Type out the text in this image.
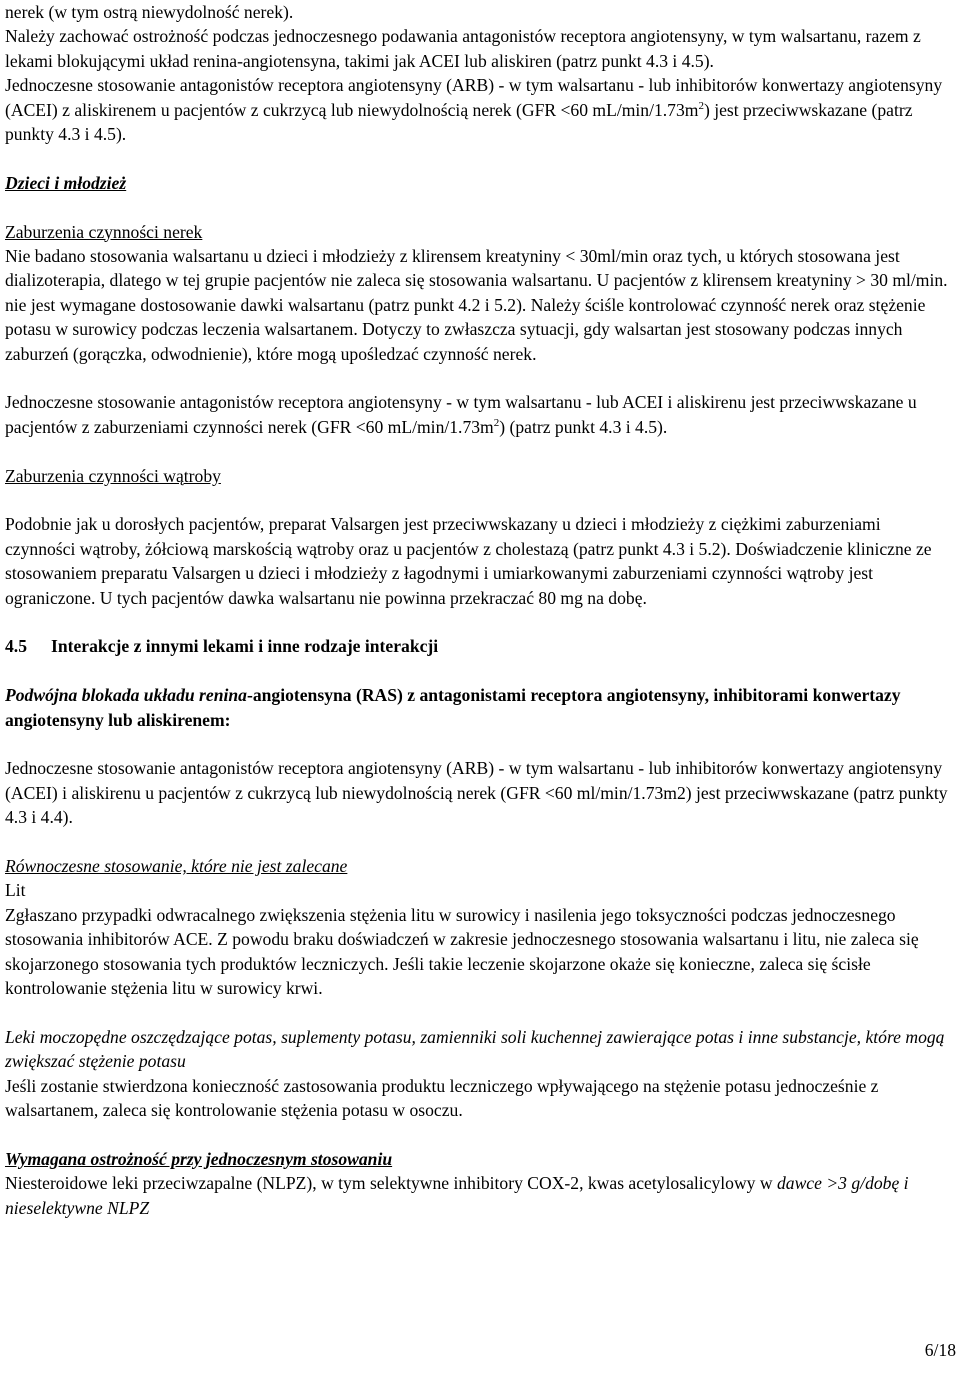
nerek (w tym ostrą niewydolność nerek).

Należy zachować ostrożność podczas jednoczesnego podawania antagonistów receptora angiotensyny, w tym walsartanu, razem z lekami blokującymi układ renina-angiotensyna, takimi jak ACEI lub aliskiren (patrz punkt 4.3 i 4.5).

Jednoczesne stosowanie antagonistów receptora angiotensyny (ARB) - w tym walsartanu - lub inhibitorów konwertazy angiotensyny (ACEI) z aliskirenem u pacjentów z cukrzycą lub niewydolnością nerek (GFR <60 $mL/\min/1.73m^2$) jest przeciwwskazane (patrz punkty 4.3 i 4.5).

Dzieci i młodzież

Zaburzenia czynności nerek

Nie badano stosowania walsartanu u dzieci i młodzieży z klirensem kreatyniny < 30ml/min oraz tych, u których stosowana jest dializoterapia, dlatego w tej grupie pacjentów nie zaleca się stosowania walsartanu. U pacjentów z klirensem kreatyniny > 30 ml/min. nie jest wymagane dostosowanie dawki walsartanu (patrz punkt 4.2 i 5.2). Należy ściśle kontrolować czynność nerek oraz stężenie potasu w surowicy podczas leczenia walsartanem. Dotyczy to zwłaszcza sytuacji, gdy walsartan jest stosowany podczas innych zaburzeń (gorączka, odwodnienie), które mogą upośledzać czynność nerek.

Jednoczesne stosowanie antagonistów receptora angiotensyny - w tym walsartanu - lub ACEI i aliskirenu jest przeciwwskazane u pacjentów z zaburzeniami czynności nerek (GFR <60 $mL/\min/1.73m^2$) (patrz punkt 4.3 i 4.5).

Zaburzenia czynności wątroby

Podobnie jak u dorosłych pacjentów, preparat Valsargen jest przeciwwskazany u dzieci i młodzieży z ciężkimi zaburzeniami czynności wątroby, żółciową marskością wątroby oraz u pacjentów z cholestazą (patrz punkt 4.3 i 5.2). Doświadczenie kliniczne ze stosowaniem preparatu Valsargen u dzieci i młodzieży z łagodnymi i umiarkowanymi zaburzeniami czynności wątroby jest ograniczone. U tych pacjentów dawka walsartanu nie powinna przekraczać 80 mg na dobę.

4.5 Interakcje z innymi lekami i inne rodzaje interakcji

Podwójna blokada układu renina-angiotensyna (RAS) z antagonistami receptora angiotensyny, inhibitorami konwertazy angiotensyny lub aliskirenem:

Jednoczesne stosowanie antagonistów receptora angiotensyny (ARB) - w tym walsartanu - lub inhibitorów konwertazy angiotensyny (ACEI) i aliskirenu u pacjentów z cukrzycą lub niewydolnością nerek (GFR <60 ml/min/1.73m2) jest przeciwwskazane (patrz punkty 4.3 i 4.4).

Równoczesne stosowanie, które nie jest zalecane

Lit

Zgłaszano przypadki odwracalnego zwiększenia stężenia litu w surowicy i nasilenia jego toksyczności podczas jednoczesnego stosowania inhibitorów ACE. Z powodu braku doświadczeń w zakresie jednoczesnego stosowania walsartanu i litu, nie zaleca się skojarzonego stosowania tych produktów leczniczych. Jeśli takie leczenie skojarzone okaże się konieczne, zaleca się ścisłe kontrolowanie stężenia litu w surowicy krwi.

Leki moczopędne oszczędzające potas, suplementy potasu, zamienniki soli kuchennej zawierające potas i inne substancje, które mogą zwiększać stężenie potasu

Jeśli zostanie stwierdzona konieczność zastosowania produktu leczniczego wpływającego na stężenie potasu jednocześnie z walsartanem, zaleca się kontrolowanie stężenia potasu w osoczu.

Wymagana ostrożność przy jednoczesnym stosowaniu

Niesteroidowe leki przeciwzapalne (NLPZ), w tym selektywne inhibitory COX-2, kwas acetylosalicylowy w dawce >3 g/dobę i nieselektywne NLPZ

6/18
